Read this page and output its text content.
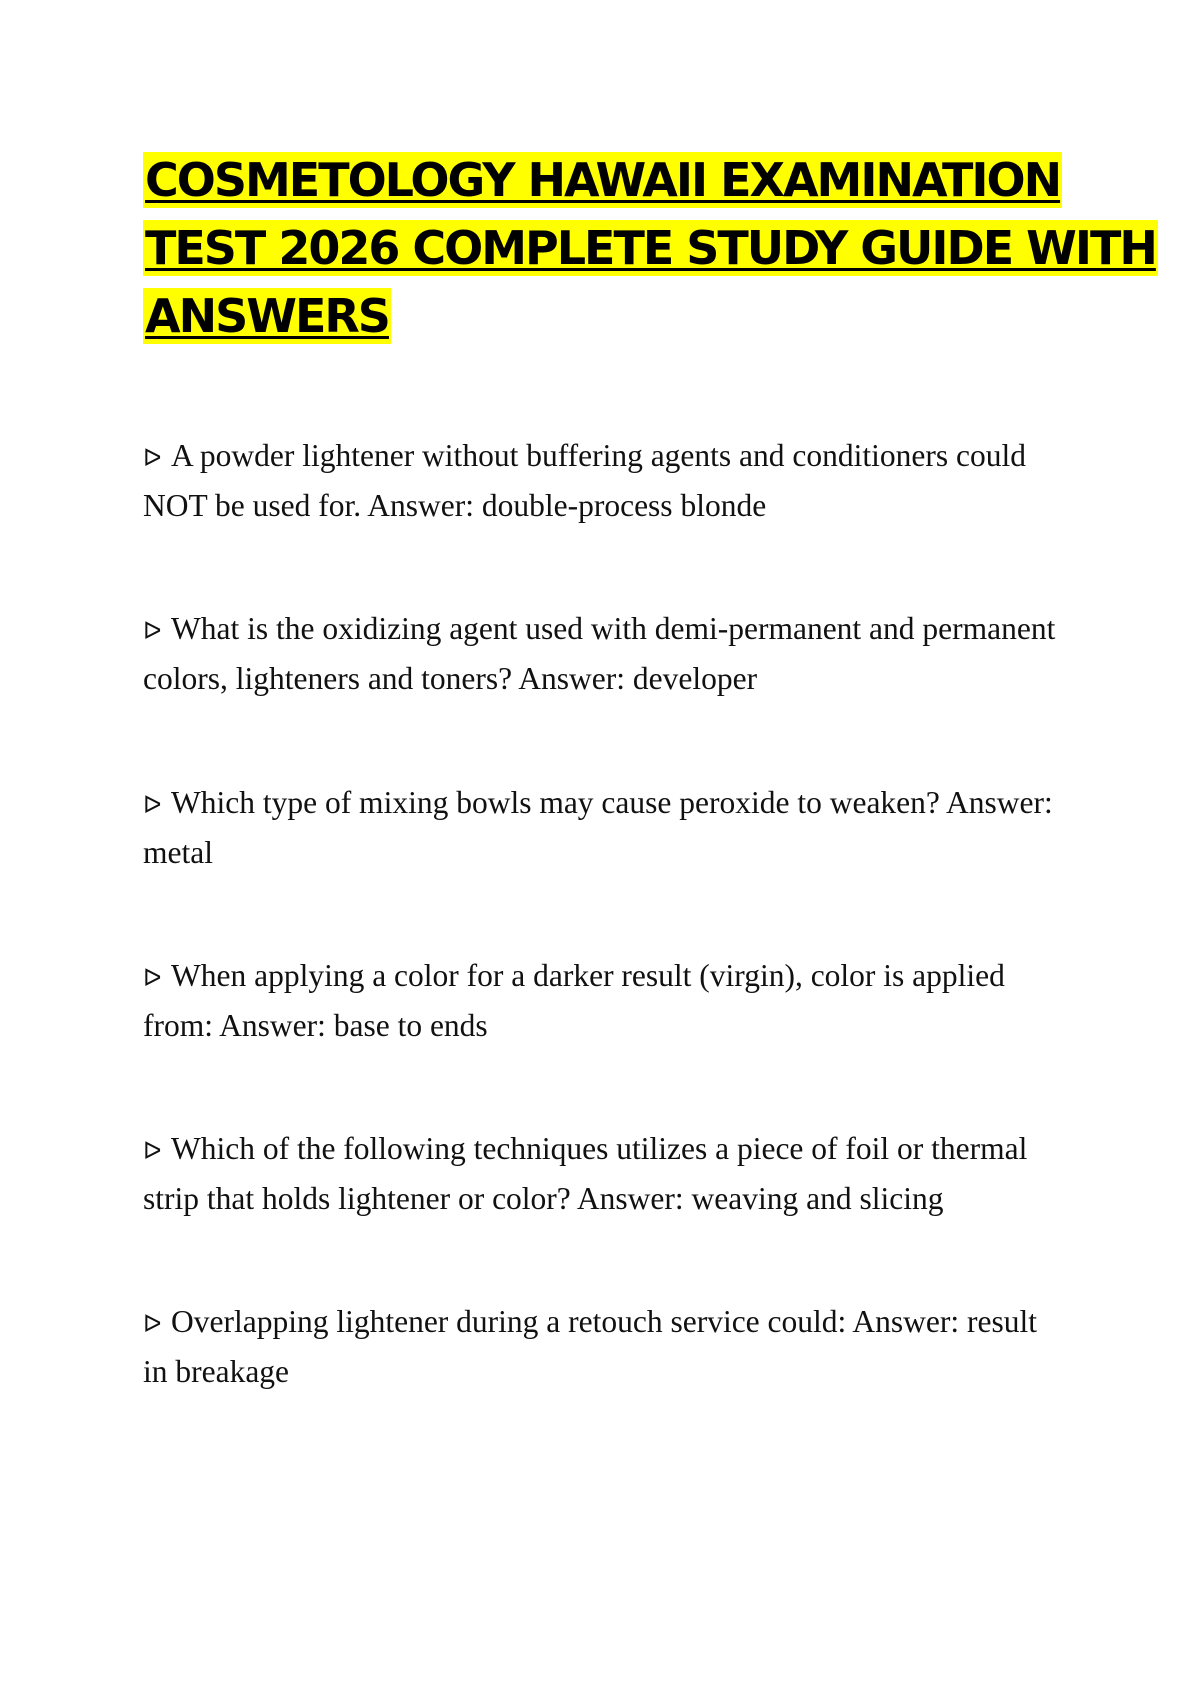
COSMETOLOGY HAWAII EXAMINATION
TEST 2026 COMPLETE STUDY GUIDE WITH
ANSWERS
ᐅ A powder lightener without buffering agents and conditioners could
NOT be used for. Answer: double-process blonde
ᐅ What is the oxidizing agent used with demi-permanent and permanent
colors, lighteners and toners? Answer: developer
ᐅ Which type of mixing bowls may cause peroxide to weaken? Answer:
metal
ᐅ When applying a color for a darker result (virgin), color is applied
from: Answer: base to ends
ᐅ Which of the following techniques utilizes a piece of foil or thermal
strip that holds lightener or color? Answer: weaving and slicing
ᐅ Overlapping lightener during a retouch service could: Answer: result
in breakage
